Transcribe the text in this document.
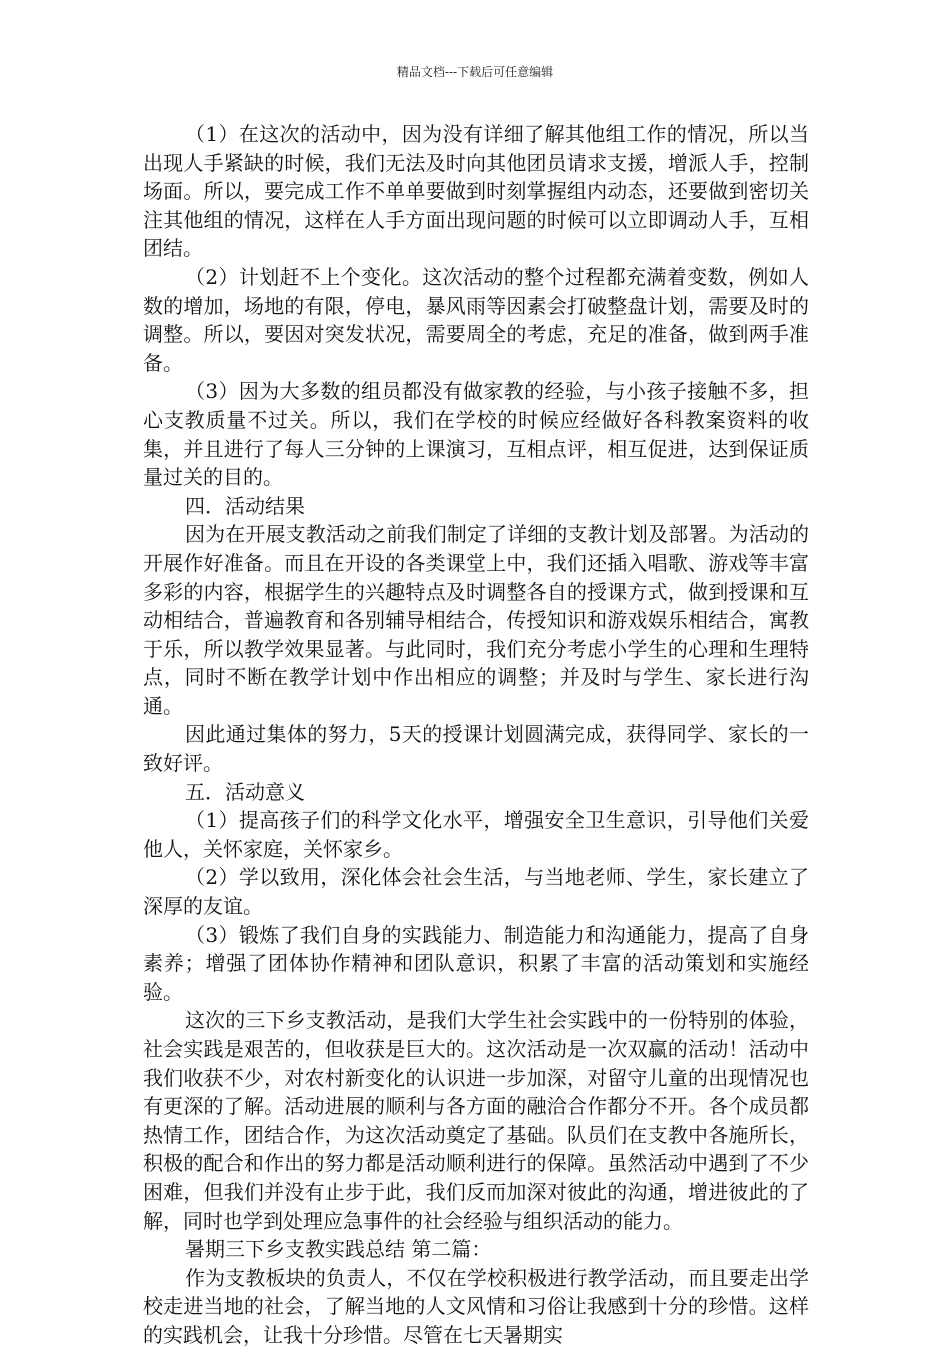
精品文档---下载后可任意编辑

（1）在这次的活动中，因为没有详细了解其他组工作的情况，所以当出现人手紧缺的时候，我们无法及时向其他团员请求支援，增派人手，控制场面。所以，要完成工作不单单要做到时刻掌握组内动态，还要做到密切关注其他组的情况，这样在人手方面出现问题的时候可以立即调动人手，互相团结。

（2）计划赶不上个变化。这次活动的整个过程都充满着变数，例如人数的增加，场地的有限，停电，暴风雨等因素会打破整盘计划，需要及时的调整。所以，要因对突发状况，需要周全的考虑，充足的准备，做到两手准备。

（3）因为大多数的组员都没有做家教的经验，与小孩子接触不多，担心支教质量不过关。所以，我们在学校的时候应经做好各科教案资料的收集，并且进行了每人三分钟的上课演习，互相点评，相互促进，达到保证质量过关的目的。

四．活动结果

因为在开展支教活动之前我们制定了详细的支教计划及部署。为活动的开展作好准备。而且在开设的各类课堂上中，我们还插入唱歌、游戏等丰富多彩的内容，根据学生的兴趣特点及时调整各自的授课方式，做到授课和互动相结合，普遍教育和各别辅导相结合，传授知识和游戏娱乐相结合，寓教于乐，所以教学效果显著。与此同时，我们充分考虑小学生的心理和生理特点，同时不断在教学计划中作出相应的调整；并及时与学生、家长进行沟通。

因此通过集体的努力，5天的授课计划圆满完成，获得同学、家长的一致好评。

五．活动意义

（1）提高孩子们的科学文化水平，增强安全卫生意识，引导他们关爱他人，关怀家庭，关怀家乡。

（2）学以致用，深化体会社会生活，与当地老师、学生，家长建立了深厚的友谊。

（3）锻炼了我们自身的实践能力、制造能力和沟通能力，提高了自身素养；增强了团体协作精神和团队意识，积累了丰富的活动策划和实施经验。

这次的三下乡支教活动，是我们大学生社会实践中的一份特别的体验，社会实践是艰苦的，但收获是巨大的。这次活动是一次双赢的活动！活动中我们收获不少，对农村新变化的认识进一步加深，对留守儿童的出现情况也有更深的了解。活动进展的顺利与各方面的融洽合作都分不开。各个成员都热情工作，团结合作，为这次活动奠定了基础。队员们在支教中各施所长，积极的配合和作出的努力都是活动顺利进行的保障。虽然活动中遇到了不少困难，但我们并没有止步于此，我们反而加深对彼此的沟通，增进彼此的了解，同时也学到处理应急事件的社会经验与组织活动的能力。

暑期三下乡支教实践总结 第二篇：

作为支教板块的负责人，不仅在学校积极进行教学活动，而且要走出学校走进当地的社会，了解当地的人文风情和习俗让我感到十分的珍惜。这样的实践机会，让我十分珍惜。尽管在七天暑期实
